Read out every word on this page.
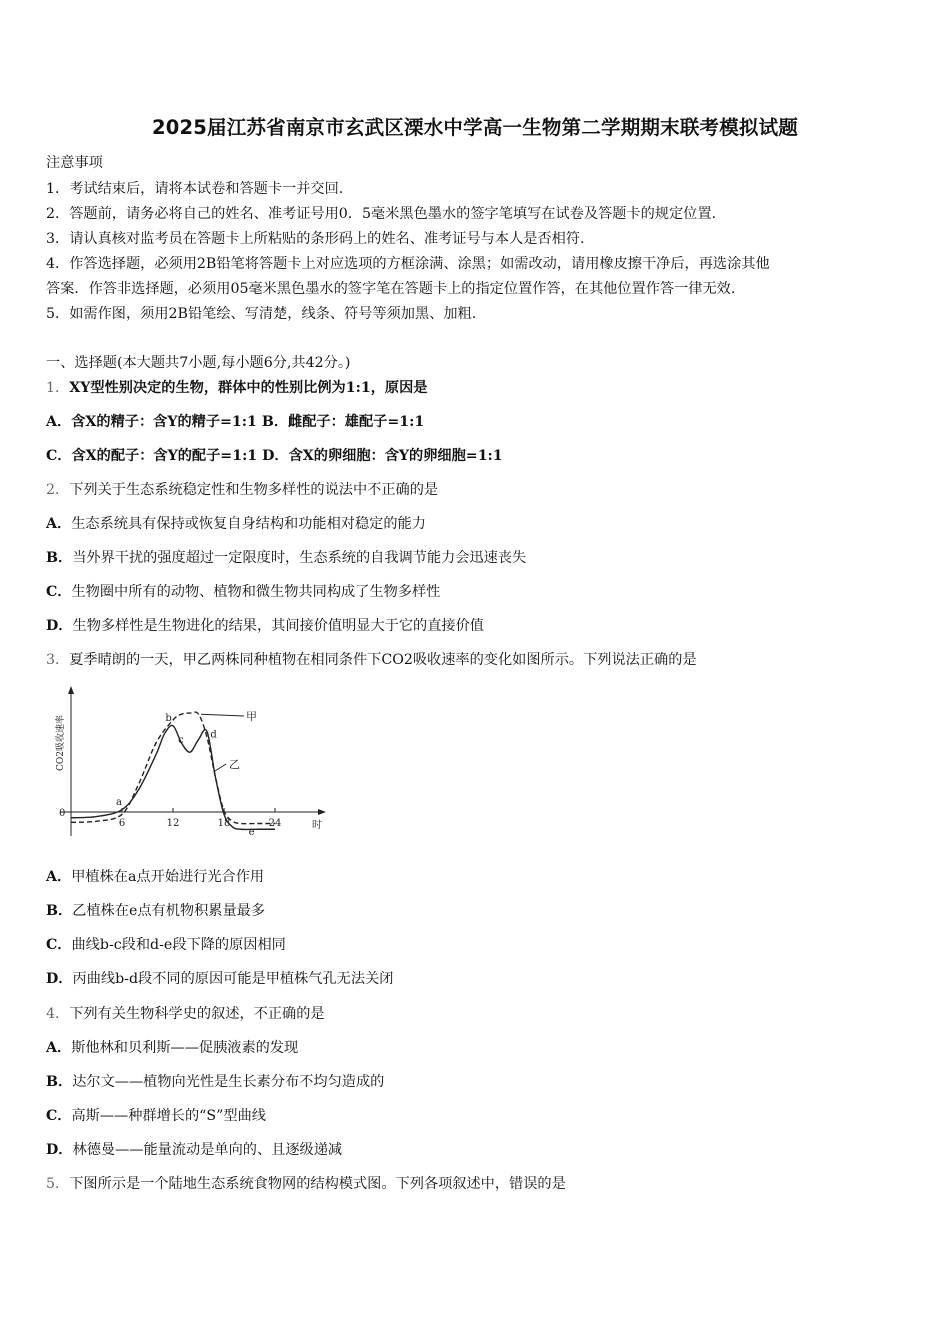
2025届江苏省南京市玄武区溧水中学高一生物第二学期期末联考模拟试题
注意事项
1．考试结束后，请将本试卷和答题卡一并交回.
2．答题前，请务必将自己的姓名、准考证号用0．5毫米黑色墨水的签字笔填写在试卷及答题卡的规定位置.
3．请认真核对监考员在答题卡上所粘贴的条形码上的姓名、准考证号与本人是否相符.
4．作答选择题，必须用2B铅笔将答题卡上对应选项的方框涂满、涂黑；如需改动，请用橡皮擦干净后，再选涂其他
答案．作答非选择题，必须用05毫米黑色墨水的签字笔在答题卡上的指定位置作答，在其他位置作答一律无效.
5．如需作图，须用2B铅笔绘、写清楚，线条、符号等须加黑、加粗.
一、选择题(本大题共7小题,每小题6分,共42分。)
1．XY型性别决定的生物，群体中的性别比例为1:1，原因是
A．含X的精子：含Y的精子=1:1 B．雌配子：雄配子=1:1
C．含X的配子：含Y的配子=1:1 D．含X的卵细胞：含Y的卵细胞=1:1
2．下列关于生态系统稳定性和生物多样性的说法中不正确的是
A．生态系统具有保持或恢复自身结构和功能相对稳定的能力
B．当外界干扰的强度超过一定限度时，生态系统的自我调节能力会迅速丧失
C．生物圈中所有的动物、植物和微生物共同构成了生物多样性
D．生物多样性是生物进化的结果，其间接价值明显大于它的直接价值
3．夏季晴朗的一天，甲乙两株同种植物在相同条件下CO2吸收速率的变化如图所示。下列说法正确的是
6	12	18	24
0
时
CO2吸收速率	甲
乙
a
b
c
d
e
A．甲植株在a点开始进行光合作用
B．乙植株在e点有机物积累量最多
C．曲线b-c段和d-e段下降的原因相同
D．丙曲线b-d段不同的原因可能是甲植株气孔无法关闭
4．下列有关生物科学史的叙述，不正确的是
A．斯他林和贝利斯——促胰液素的发现
B．达尔文——植物向光性是生长素分布不均匀造成的
C．高斯——种群增长的“S”型曲线
D．林德曼——能量流动是单向的、且逐级递减
5．下图所示是一个陆地生态系统食物网的结构模式图。下列各项叙述中，错误的是
